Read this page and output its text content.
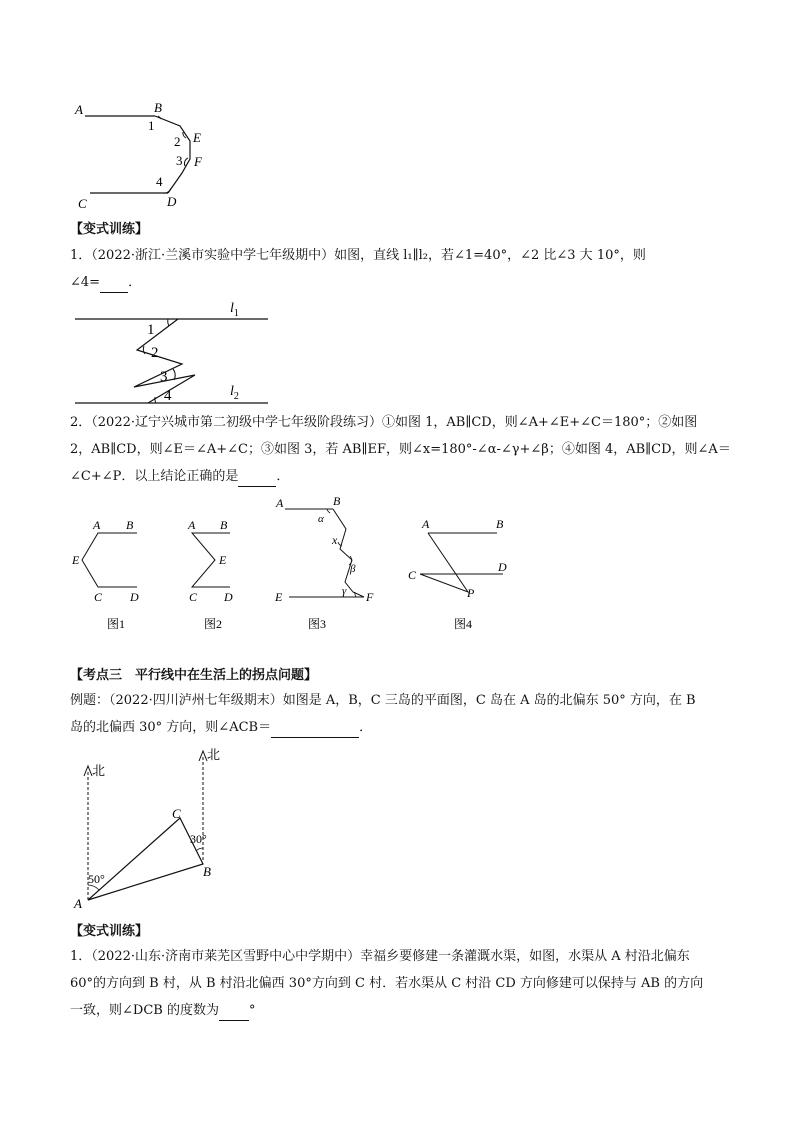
A	B
1
2 E
3 F
4
C	D
【变式训练】
1．（2022·浙江·兰溪市实验中学七年级期中）如图，直线 l₁∥l₂，若∠1=40°，∠2 比∠3 大 10°，则
∠4= ．
$l_1$
$l_2$
1
2
3
4
2．（2022·辽宁兴城市第二初级中学七年级阶段练习）①如图 1，AB∥CD，则∠A+∠E+∠C＝180°；②如图
2，AB∥CD，则∠E＝∠A+∠C；③如图 3，若 AB∥EF，则∠x=180°-∠α-∠γ+∠β；④如图 4，AB∥CD，则∠A＝
∠C+∠P．以上结论正确的是	．
A B
E
C D
图1
A B
E
C D
图2
A	B
α
x
β
γ
E	F
图3
A	B
C
D
P
图4
【考点三　平行线中在生活上的拐点问题】
例题：（2022·四川泸州七年级期末）如图是 A，B，C 三岛的平面图，C 岛在 A 岛的北偏东 50° 方向，在 B
岛的北偏西 30° 方向，则∠ACB＝	．
北
北
A
C
B
50°
30°
【变式训练】
1．（2022·山东·济南市莱芜区雪野中心中学期中）幸福乡要修建一条灌溉水渠，如图，水渠从 A 村沿北偏东
60°的方向到 B 村，从 B 村沿北偏西 30°方向到 C 村．若水渠从 C 村沿 CD 方向修建可以保持与 AB 的方向
一致，则∠DCB 的度数为 °
